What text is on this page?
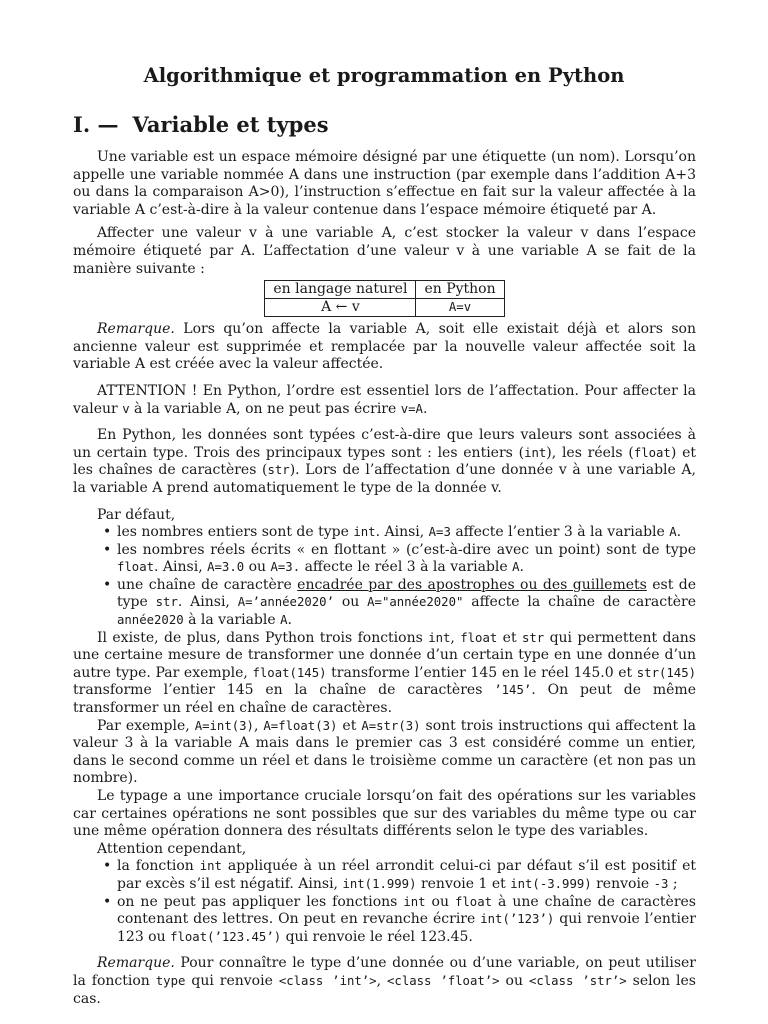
Algorithmique et programmation en Python
I. — Variable et types

Une variable est un espace mémoire désigné par une étiquette (un nom). Lorsqu’on appelle une variable nommée A dans une instruction (par exemple dans l’addition A+3 ou dans la comparaison A>0), l’instruction s’effectue en fait sur la valeur affectée à la variable A c’est-à-dire à la valeur contenue dans l’espace mémoire étiqueté par A.

Affecter une valeur v à une variable A, c’est stocker la valeur v dans l’espace mémoire étiqueté par A. L’affectation d’une valeur v à une variable A se fait de la manière suivante :

en langage naturel	en Python
A ← v	A=v

Remarque. Lors qu’on affecte la variable A, soit elle existait déjà et alors son ancienne valeur est supprimée et remplacée par la nouvelle valeur affectée soit la variable A est créée avec la valeur affectée.

ATTENTION ! En Python, l’ordre est essentiel lors de l’affectation. Pour affecter la valeur v à la variable A, on ne peut pas écrire v=A.

En Python, les données sont typées c’est-à-dire que leurs valeurs sont associées à un certain type. Trois des principaux types sont : les entiers (int), les réels (float) et les chaînes de caractères (str). Lors de l’affectation d’une donnée v à une variable A, la variable A prend automatiquement le type de la donnée v.

Par défaut,

• les nombres entiers sont de type int. Ainsi, A=3 affecte l’entier 3 à la variable A.
• les nombres réels écrits « en flottant » (c’est-à-dire avec un point) sont de type float. Ainsi, A=3.0 ou A=3. affecte le réel 3 à la variable A.
• une chaîne de caractère encadrée par des apostrophes ou des guillemets est de type str. Ainsi, A=’année2020’ ou A="année2020" affecte la chaîne de caractère année2020 à la variable A.

Il existe, de plus, dans Python trois fonctions int, float et str qui permettent dans une certaine mesure de transformer une donnée d’un certain type en une donnée d’un autre type. Par exemple, float(145) transforme l’entier 145 en le réel 145.0 et str(145) transforme l’entier 145 en la chaîne de caractères ’145’. On peut de même transformer un réel en chaîne de caractères.

Par exemple, A=int(3), A=float(3) et A=str(3) sont trois instructions qui affectent la valeur 3 à la variable A mais dans le premier cas 3 est considéré comme un entier, dans le second comme un réel et dans le troisième comme un caractère (et non pas un nombre).

Le typage a une importance cruciale lorsqu’on fait des opérations sur les variables car certaines opérations ne sont possibles que sur des variables du même type ou car une même opération donnera des résultats différents selon le type des variables.

Attention cependant,

• la fonction int appliquée à un réel arrondit celui-ci par défaut s’il est positif et par excès s’il est négatif. Ainsi, int(1.999) renvoie 1 et int(-3.999) renvoie -3 ;
• on ne peut pas appliquer les fonctions int ou float à une chaîne de caractères contenant des lettres. On peut en revanche écrire int(’123’) qui renvoie l’entier 123 ou float(’123.45’) qui renvoie le réel 123.45.

Remarque. Pour connaître le type d’une donnée ou d’une variable, on peut utiliser la fonction type qui renvoie <class ’int’>, <class ’float’> ou <class ’str’> selon les cas.
